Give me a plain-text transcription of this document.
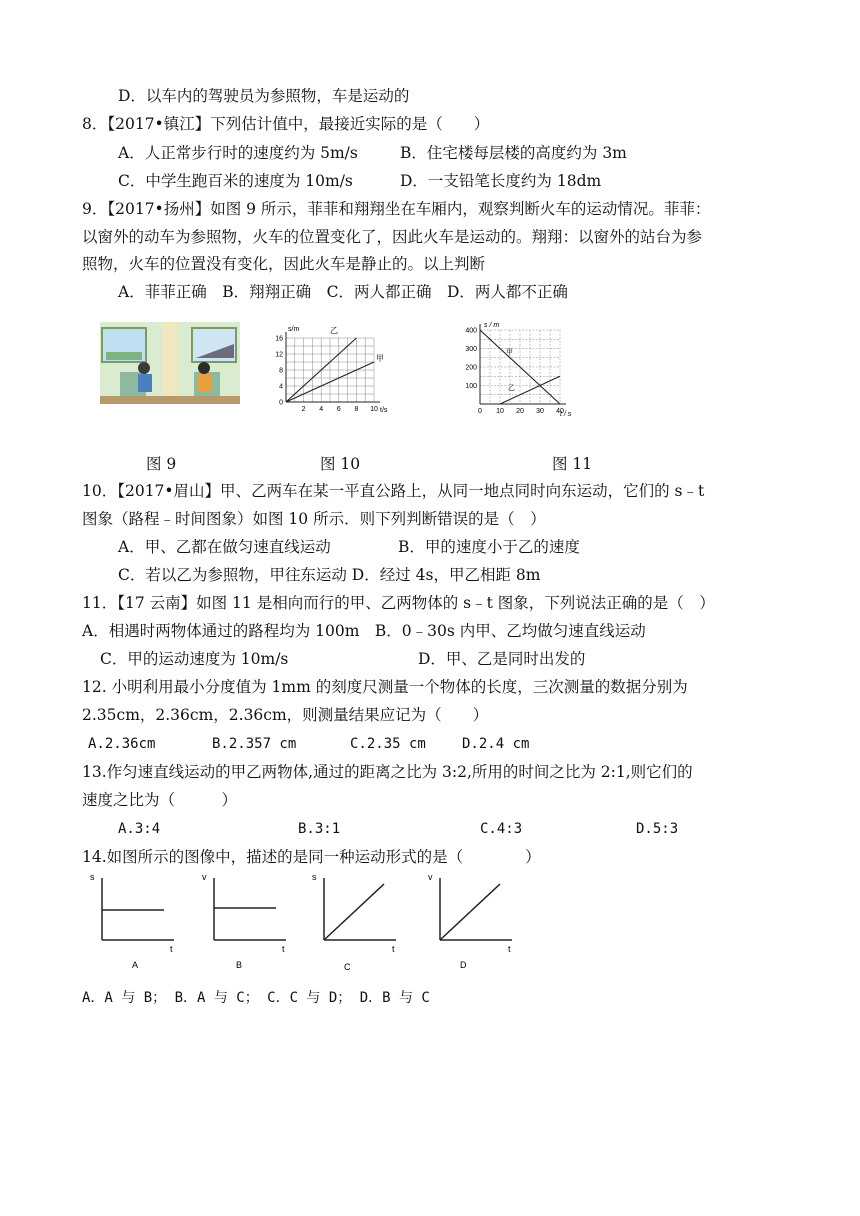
D．以车内的驾驶员为参照物，车是运动的
8．【2017•镇江】下列估计值中，最接近实际的是（　　）
A．人正常步行时的速度约为 5m/s	B．住宅楼每层楼的高度约为 3m
C．中学生跑百米的速度为 10m/s	D．一支铅笔长度约为 18dm
9．【2017•扬州】如图 9 所示，菲菲和翔翔坐在车厢内，观察判断火车的运动情况。菲菲：
以窗外的动车为参照物，火车的位置变化了，因此火车是运动的。翔翔：以窗外的站台为参
照物，火车的位置没有变化，因此火车是静止的。以上判断
A．菲菲正确　B．翔翔正确　C．两人都正确　D．两人都不正确
图 9
16
12
8
4
0
2 4 6 8 10
s/m
t/s
乙
甲
图 10
400
300
200
100
0 10 20 30 40
s / m
t / s
甲
乙
图 11
10．【2017•眉山】甲、乙两车在某一平直公路上，从同一地点同时向东运动，它们的 s﹣t
图象（路程﹣时间图象）如图 10 所示．则下列判断错误的是（　）
A．甲、乙都在做匀速直线运动	B．甲的速度小于乙的速度
C．若以乙为参照物，甲往东运动 D．经过 4s，甲乙相距 8m
11．【17 云南】如图 11 是相向而行的甲、乙两物体的 s﹣t 图象，下列说法正确的是（　）
A．相遇时两物体通过的路程均为 100m　B．0﹣30s 内甲、乙均做匀速直线运动
C．甲的运动速度为 10m/s	D．甲、乙是同时出发的
12. 小明利用最小分度值为 1mm 的刻度尺测量一个物体的长度，三次测量的数据分别为
2.35cm，2.36cm，2.36cm，则测量结果应记为（　　）
A.2.36cm	B.2.357 cm	C.2.35 cm	D.2.4 cm
13.作匀速直线运动的甲乙两物体,通过的距离之比为 3:2,所用的时间之比为 2:1,则它们的
速度之比为（　　　）
A.3:4	B.3:1	C.4:3	D.5:3
14.如图所示的图像中，描述的是同一种运动形式的是（　　　　）
s
t
A
v
t
B
s
t
C
v
t
D
A．A 与 B； B．A 与 C； C．C 与 D； D．B 与 C
